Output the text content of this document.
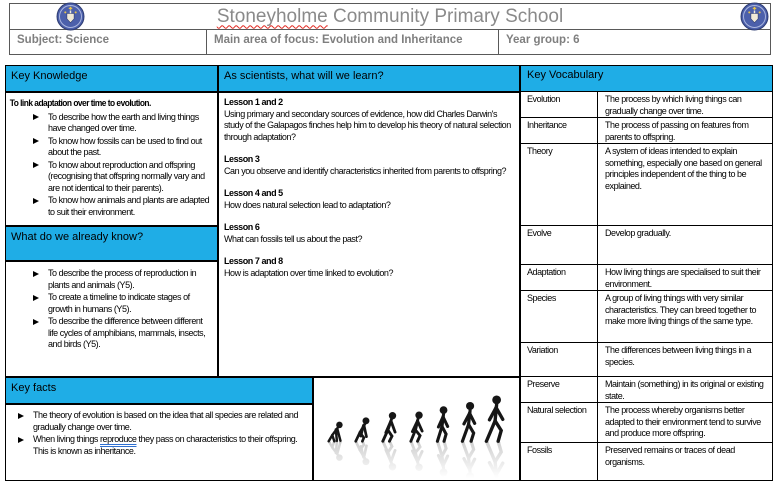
Stoneyholme Community Primary School
Subject: Science	Main area of focus: Evolution and Inheritance	Year group: 6
Key Knowledge
To link adaptation over time to evolution.
To describe how the earth and living things have changed over time.
To know how fossils can be used to find out about the past.
To know about reproduction and offspring (recognising that offspring normally vary and are not identical to their parents).
To know how animals and plants are adapted to suit their environment.
What do we already know?
To describe the process of reproduction in plants and animals (Y5).
To create a timeline to indicate stages of growth in humans (Y5).
To describe the difference between different life cycles of amphibians, mammals, insects, and birds (Y5).
As scientists, what will we learn?
Lesson 1 and 2
Using primary and secondary sources of evidence, how did Charles Darwin's study of the Galapagos finches help him to develop his theory of natural selection through adaptation?
Lesson 3
Can you observe and identify characteristics inherited from parents to offspring?
Lesson 4 and 5
How does natural selection lead to adaptation?
Lesson 6
What can fossils tell us about the past?
Lesson 7 and 8
How is adaptation over time linked to evolution?
Key facts
The theory of evolution is based on the idea that all species are related and gradually change over time.
When living things reproduce they pass on characteristics to their offspring. This is known as inheritance.
Key Vocabulary
Evolution	The process by which living things can gradually change over time.
Inheritance	The process of passing on features from parents to offspring.
Theory	A system of ideas intended to explain something, especially one based on general principles independent of the thing to be explained.
Evolve	Develop gradually.
Adaptation	How living things are specialised to suit their environment.
Species	A group of living things with very similar characteristics. They can breed together to make more living things of the same type.
Variation	The differences between living things in a species.
Preserve	Maintain (something) in its original or existing state.
Natural selection	The process whereby organisms better adapted to their environment tend to survive and produce more offspring.
Fossils	Preserved remains or traces of dead organisms.
